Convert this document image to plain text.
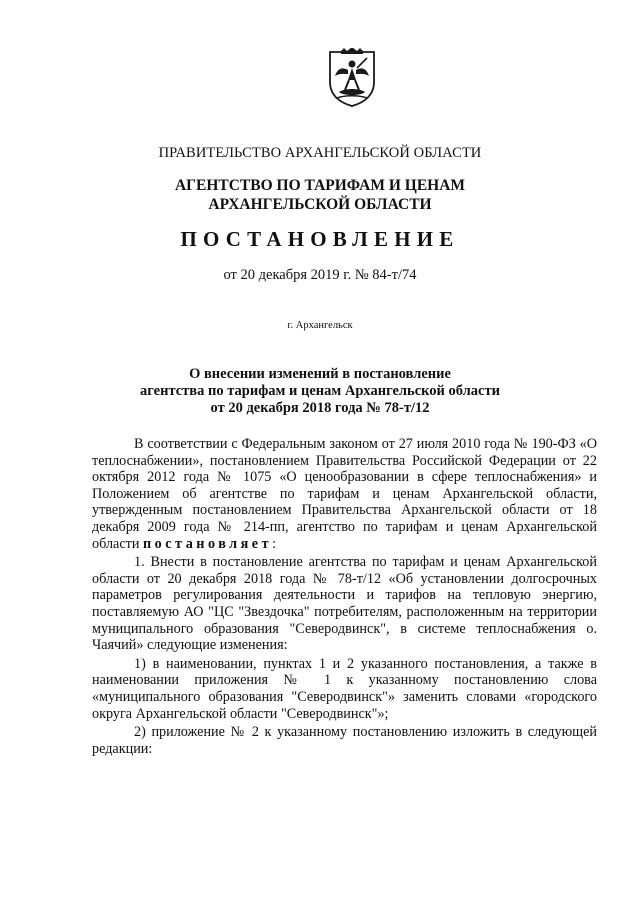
ПРАВИТЕЛЬСТВО АРХАНГЕЛЬСКОЙ ОБЛАСТИ
АГЕНТСТВО ПО ТАРИФАМ И ЦЕНАМ
АРХАНГЕЛЬСКОЙ ОБЛАСТИ
ПОСТАНОВЛЕНИЕ
от 20 декабря 2019 г. № 84-т/74
г. Архангельск
О внесении изменений в постановление
агентства по тарифам и ценам Архангельской области
от 20 декабря 2018 года № 78-т/12

В соответствии с Федеральным законом от 27 июля 2010 года № 190-ФЗ «О теплоснабжении», постановлением Правительства Российской Федерации от 22 октября 2012 года № 1075 «О ценообразовании в сфере теплоснабжения» и Положением об агентстве по тарифам и ценам Архангельской области, утвержденным постановлением Правительства Архангельской области от 18 декабря 2009 года № 214-пп, агентство по тарифам и ценам Архангельской области постановляет:

1. Внести в постановление агентства по тарифам и ценам Архангельской области от 20 декабря 2018 года № 78-т/12 «Об установлении долгосрочных параметров регулирования деятельности и тарифов на тепловую энергию, поставляемую АО "ЦС "Звездочка" потребителям, расположенным на территории муниципального образования "Северодвинск", в системе теплоснабжения о. Чаячий» следующие изменения:

1) в наименовании, пунктах 1 и 2 указанного постановления, а также в наименовании приложения № 1 к указанному постановлению слова «муниципального образования "Северодвинск"» заменить словами «городского округа Архангельской области "Северодвинск"»;

2) приложение № 2 к указанному постановлению изложить в следующей редакции:
